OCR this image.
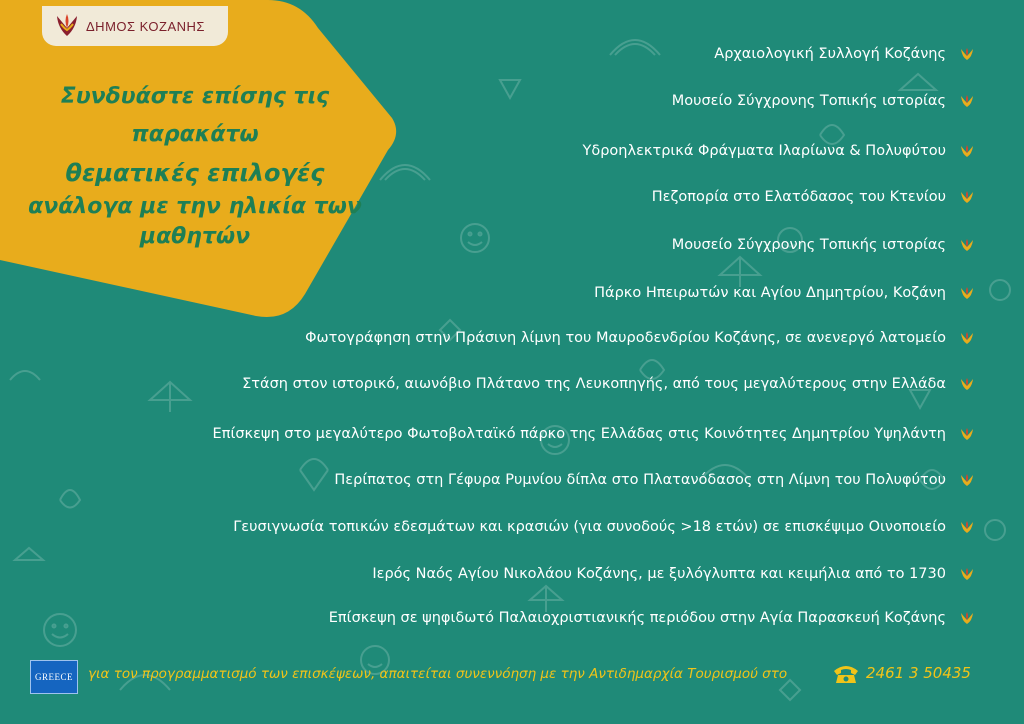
ΔΗΜΟΣ ΚΟΖΑΝΗΣ
Συνδυάστε επίσης τις παρακάτω
θεματικές επιλογές
ανάλογα με την ηλικία των
μαθητών
Αρχαιολογική Συλλογή Κοζάνης
Μουσείο Σύγχρονης Τοπικής ιστορίας
Υδροηλεκτρικά Φράγματα Ιλαρίωνα & Πολυφύτου
Πεζοπορία στο Ελατόδασος του Κτενίου
Μουσείο Σύγχρονης Τοπικής ιστορίας
Πάρκο Ηπειρωτών και Αγίου Δημητρίου, Κοζάνη
Φωτογράφηση στην Πράσινη λίμνη του Μαυροδενδρίου Κοζάνης, σε ανενεργό λατομείο
Στάση στον ιστορικό, αιωνόβιο Πλάτανο της Λευκοπηγής, από τους μεγαλύτερους στην Ελλάδα
Επίσκεψη στο μεγαλύτερο Φωτοβολταϊκό πάρκο της Ελλάδας στις Κοινότητες Δημητρίου Υψηλάντη
Περίπατος στη Γέφυρα Ρυμνίου δίπλα στο Πλατανόδασος στη Λίμνη του Πολυφύτου
Γευσιγνωσία τοπικών εδεσμάτων και κρασιών (για συνοδούς >18 ετών) σε επισκέψιμο Οινοποιείο
Ιερός Ναός Αγίου Νικολάου Κοζάνης, με ξυλόγλυπτα και κειμήλια από το 1730
Επίσκεψη σε ψηφιδωτό Παλαιοχριστιανικής περιόδου στην Αγία Παρασκευή Κοζάνης
GREECE	για τον προγραμματισμό των επισκέψεων, απαιτείται συνεννόηση με την Αντιδημαρχία Τουρισμού στο	2461 3 50435
